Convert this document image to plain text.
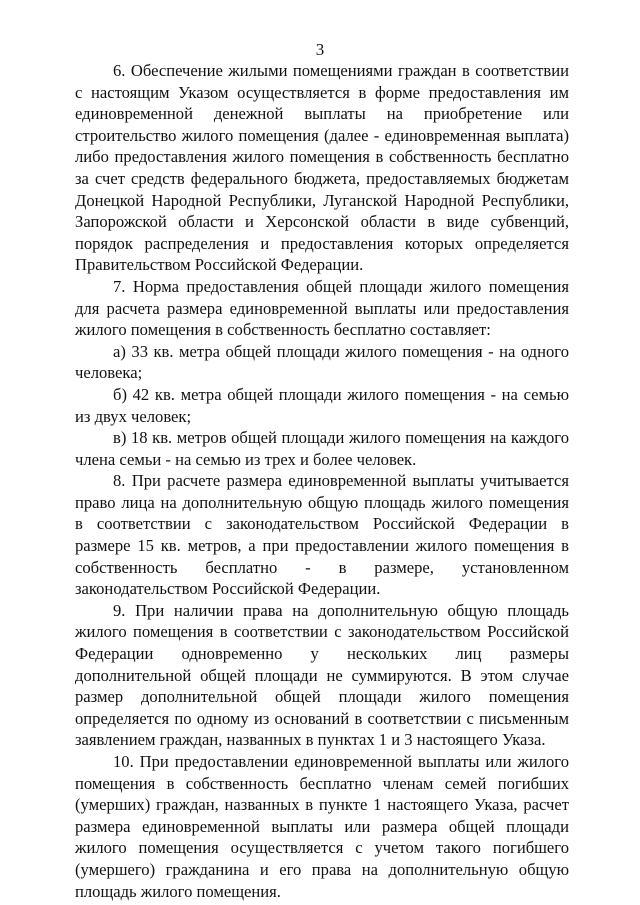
3

6. Обеспечение жилыми помещениями граждан в соответствии с настоящим Указом осуществляется в форме предоставления им единовременной денежной выплаты на приобретение или строительство жилого помещения (далее - единовременная выплата) либо предоставления жилого помещения в собственность бесплатно за счет средств федерального бюджета, предоставляемых бюджетам Донецкой Народной Республики, Луганской Народной Республики, Запорожской области и Херсонской области в виде субвенций, порядок распределения и предоставления которых определяется Правительством Российской Федерации.

7. Норма предоставления общей площади жилого помещения для расчета размера единовременной выплаты или предоставления жилого помещения в собственность бесплатно составляет:

а) 33 кв. метра общей площади жилого помещения - на одного человека;

б) 42 кв. метра общей площади жилого помещения - на семью из двух человек;

в) 18 кв. метров общей площади жилого помещения на каждого члена семьи - на семью из трех и более человек.

8. При расчете размера единовременной выплаты учитывается право лица на дополнительную общую площадь жилого помещения в соответствии с законодательством Российской Федерации в размере 15 кв. метров, а при предоставлении жилого помещения в собственность бесплатно - в размере, установленном законодательством Российской Федерации.

9. При наличии права на дополнительную общую площадь жилого помещения в соответствии с законодательством Российской Федерации одновременно у нескольких лиц размеры дополнительной общей площади не суммируются. В этом случае размер дополнительной общей площади жилого помещения определяется по одному из оснований в соответствии с письменным заявлением граждан, названных в пунктах 1 и 3 настоящего Указа.

10. При предоставлении единовременной выплаты или жилого помещения в собственность бесплатно членам семей погибших (умерших) граждан, названных в пункте 1 настоящего Указа, расчет размера единовременной выплаты или размера общей площади жилого помещения осуществляется с учетом такого погибшего (умершего) гражданина и его права на дополнительную общую площадь жилого помещения.
